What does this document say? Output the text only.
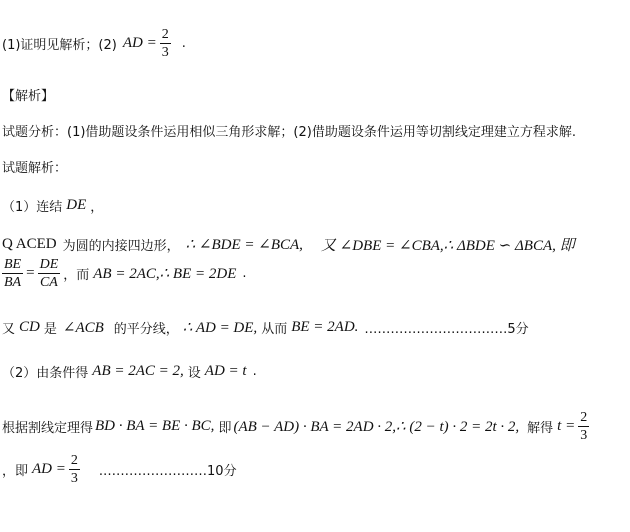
(1)证明见解析；(2) AD = $\frac{2}{3}$ .
【解析】
试题分析：(1)借助题设条件运用相似三角形求解；(2)借助题设条件运用等切割线定理建立方程求解.
试题解析：
（1）连结 DE ，
Q ACED 为圆的内接四边形， ∴ ∠BDE = ∠BCA, 又 ∠DBE = ∠CBA,∴ ΔBDE ∽ ΔBCA, 即
$\frac{BE}{BA} = \frac{DE}{CA}$ ，而 AB = 2AC,∴ BE = 2DE .
又 CD 是 ∠ACB 的平分线， ∴ AD = DE, 从而 BE = 2AD. ……………………………5分
（2）由条件得 AB = 2AC = 2, 设 AD = t .
根据割线定理得 BD · BA = BE · BC, 即 (AB − AD) · BA = 2AD · 2,∴ (2 − t) · 2 = 2t · 2, 解得 $t = \frac{2}{3}$
，即 AD = $\frac{2}{3}$ .……………………10分
